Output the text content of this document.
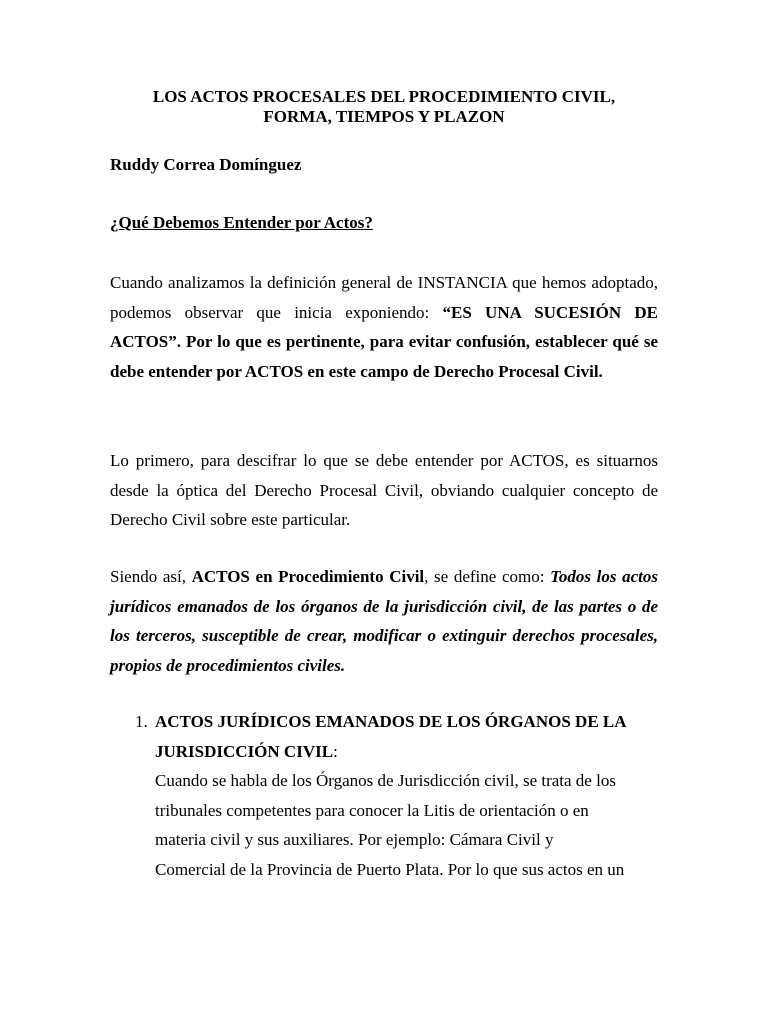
LOS ACTOS PROCESALES DEL PROCEDIMIENTO CIVIL,
FORMA, TIEMPOS Y PLAZON

Ruddy Correa Domínguez

¿Qué Debemos Entender por Actos?

Cuando analizamos la definición general de INSTANCIA que hemos adoptado, podemos observar que inicia exponiendo: “ES UNA SUCESIÓN DE ACTOS”. Por lo que es pertinente, para evitar confusión, establecer qué se debe entender por ACTOS en este campo de Derecho Procesal Civil.

Lo primero, para descifrar lo que se debe entender por ACTOS, es situarnos desde la óptica del Derecho Procesal Civil, obviando cualquier concepto de Derecho Civil sobre este particular.

Siendo así, ACTOS en Procedimiento Civil, se define como: Todos los actos jurídicos emanados de los órganos de la jurisdicción civil, de las partes o de los terceros, susceptible de crear, modificar o extinguir derechos procesales, propios de procedimientos civiles.

1. ACTOS JURÍDICOS EMANADOS DE LOS ÓRGANOS DE LA JURISDICCIÓN CIVIL:

Cuando se habla de los Órganos de Jurisdicción civil, se trata de los
tribunales competentes para conocer la Litis de orientación o en
materia civil y sus auxiliares. Por ejemplo: Cámara Civil y
Comercial de la Provincia de Puerto Plata. Por lo que sus actos en un
